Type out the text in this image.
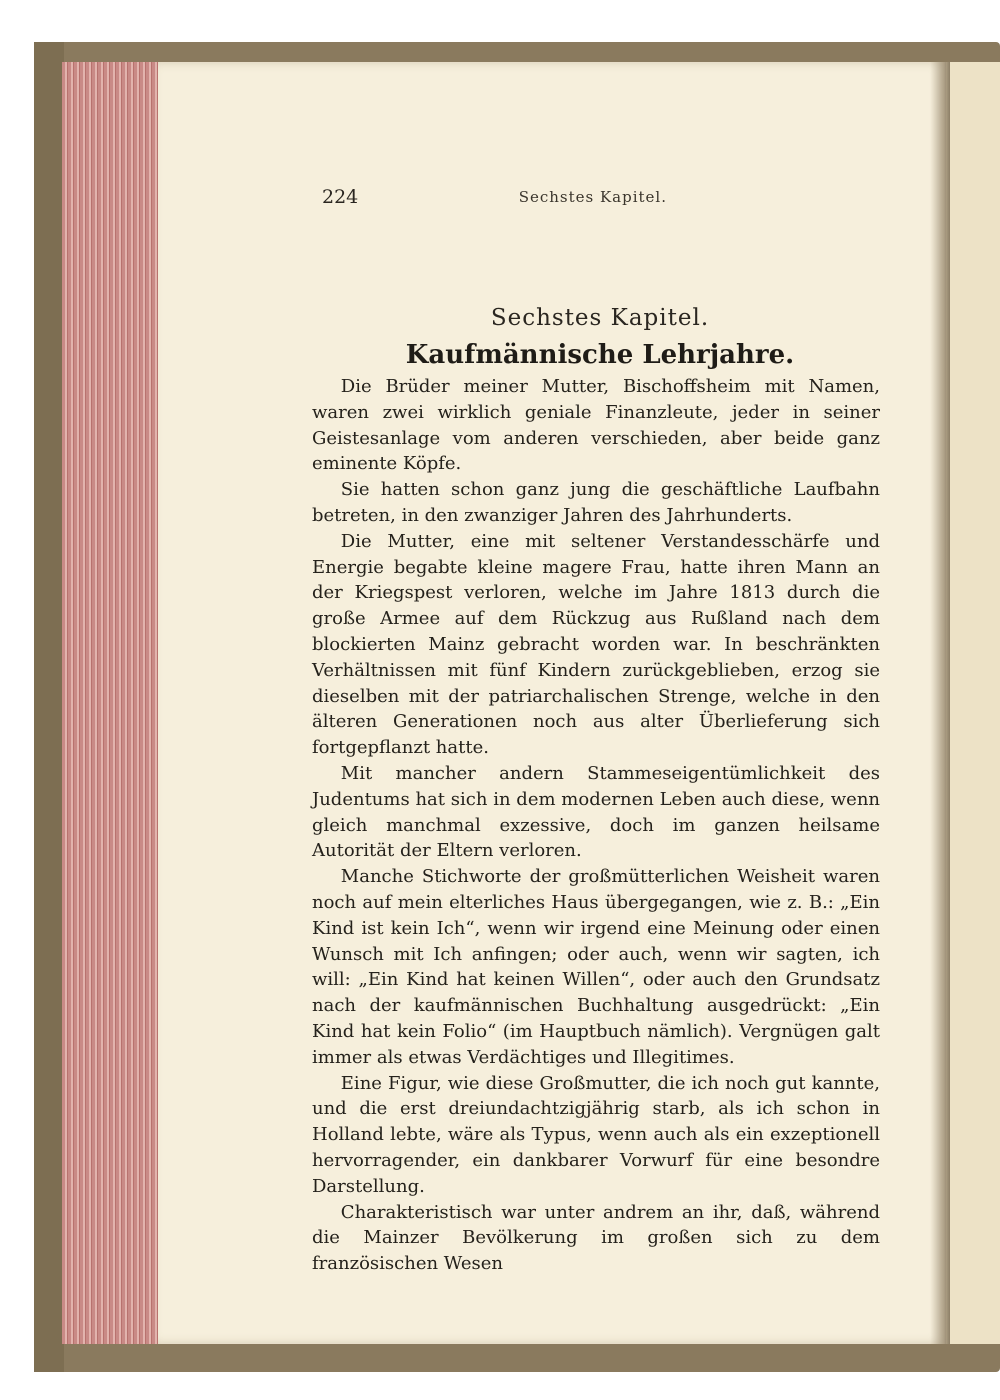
224	Sechstes Kapitel.
Sechstes Kapitel.
Kaufmännische Lehrjahre.

Die Brüder meiner Mutter, Bischoffsheim mit Namen, waren zwei wirklich geniale Finanzleute, jeder in seiner Geistesanlage vom anderen verschieden, aber beide ganz eminente Köpfe.

Sie hatten schon ganz jung die geschäftliche Laufbahn betreten, in den zwanziger Jahren des Jahrhunderts.

Die Mutter, eine mit seltener Verstandesschärfe und Energie begabte kleine magere Frau, hatte ihren Mann an der Kriegspest verloren, welche im Jahre 1813 durch die große Armee auf dem Rückzug aus Rußland nach dem blockierten Mainz gebracht worden war. In beschränkten Verhältnissen mit fünf Kindern zurückgeblieben, erzog sie dieselben mit der patriarchalischen Strenge, welche in den älteren Generationen noch aus alter Überlieferung sich fortgepflanzt hatte.

Mit mancher andern Stammeseigentümlichkeit des Judentums hat sich in dem modernen Leben auch diese, wenn gleich manchmal exzessive, doch im ganzen heilsame Autorität der Eltern verloren.

Manche Stichworte der großmütterlichen Weisheit waren noch auf mein elterliches Haus übergegangen, wie z. B.: „Ein Kind ist kein Ich“, wenn wir irgend eine Meinung oder einen Wunsch mit Ich anfingen; oder auch, wenn wir sagten, ich will: „Ein Kind hat keinen Willen“, oder auch den Grundsatz nach der kaufmännischen Buchhaltung ausgedrückt: „Ein Kind hat kein Folio“ (im Hauptbuch nämlich). Vergnügen galt immer als etwas Verdächtiges und Illegitimes.

Eine Figur, wie diese Großmutter, die ich noch gut kannte, und die erst dreiundachtzigjährig starb, als ich schon in Holland lebte, wäre als Typus, wenn auch als ein exzeptionell hervorragender, ein dankbarer Vorwurf für eine besondre Darstellung.

Charakteristisch war unter andrem an ihr, daß, während die Mainzer Bevölkerung im großen sich zu dem französischen Wesen
